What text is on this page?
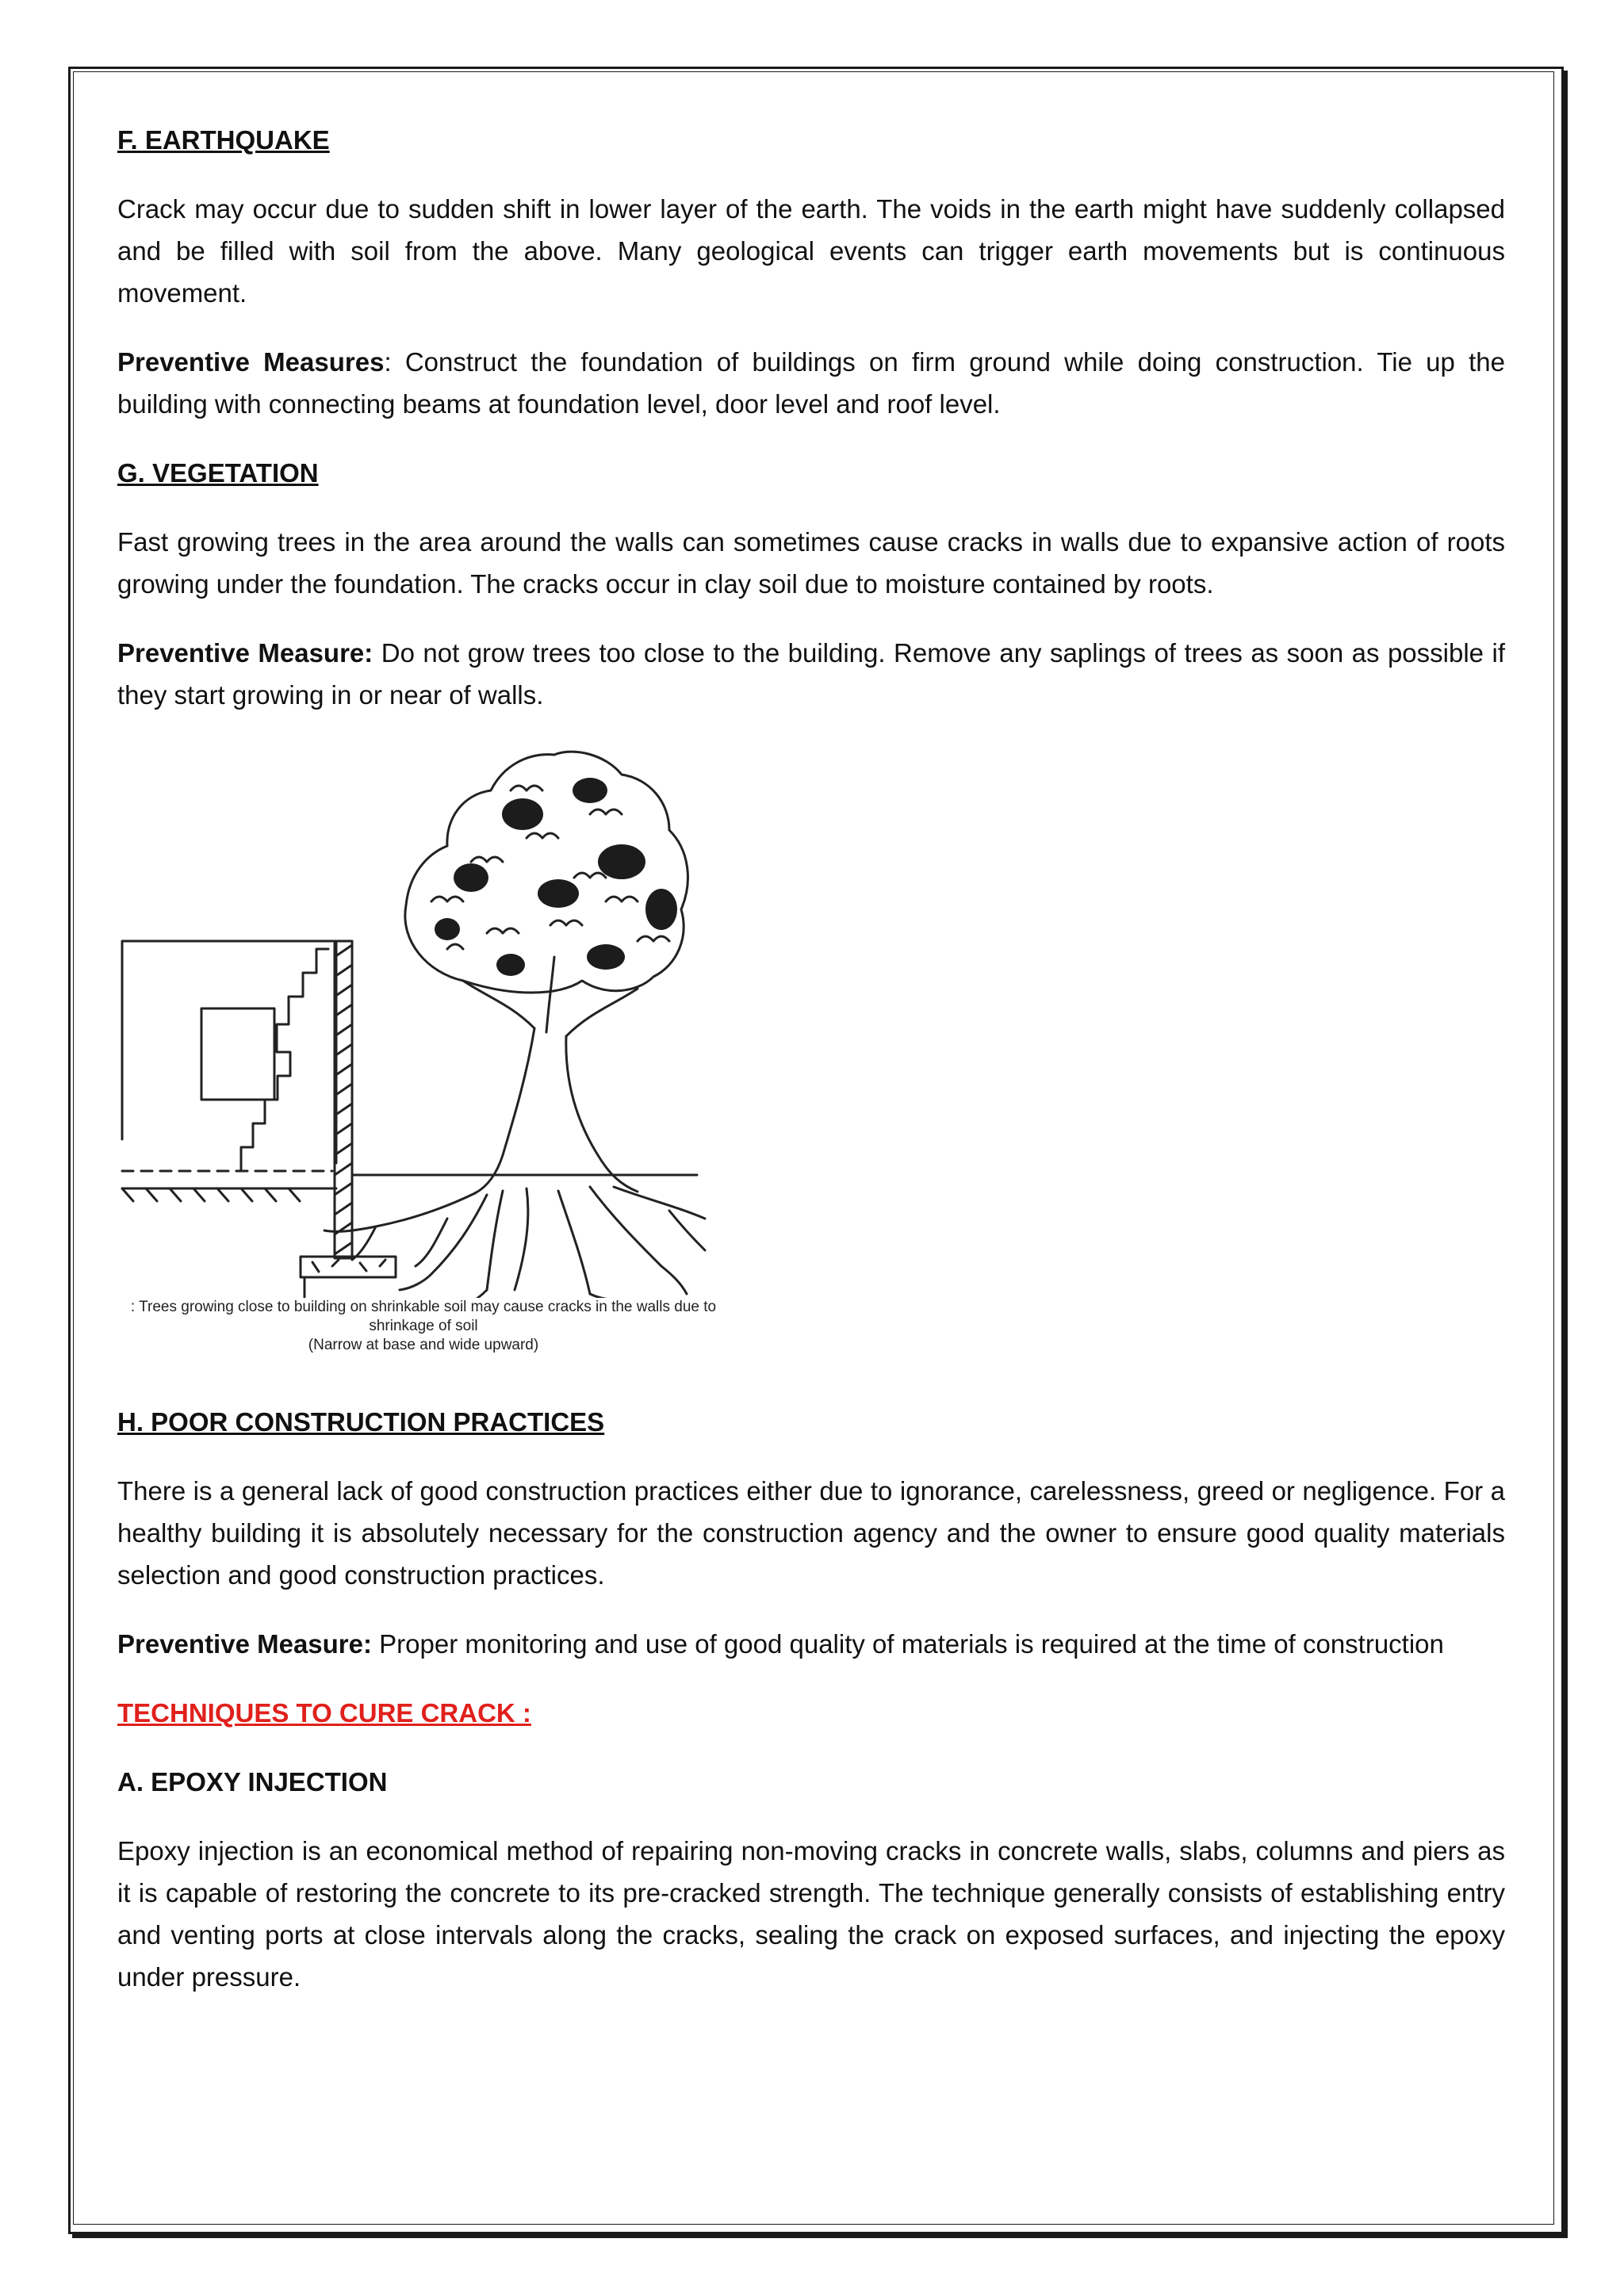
F. EARTHQUAKE

Crack may occur due to sudden shift in lower layer of the earth. The voids in the earth might have suddenly collapsed and be filled with soil from the above. Many geological events can trigger earth movements but is continuous movement.

Preventive Measures: Construct the foundation of buildings on firm ground while doing construction. Tie up the building with connecting beams at foundation level, door level and roof level.

G. VEGETATION

Fast growing trees in the area around the walls can sometimes cause cracks in walls due to expansive action of roots growing under the foundation. The cracks occur in clay soil due to moisture contained by roots.

Preventive Measure: Do not grow trees too close to the building. Remove any saplings of trees as soon as possible if they start growing in or near of walls.

: Trees growing close to building on shrinkable soil may cause cracks in the walls due to
shrinkage of soil
(Narrow at base and wide upward)
H. POOR CONSTRUCTION PRACTICES

There is a general lack of good construction practices either due to ignorance, carelessness, greed or negligence. For a healthy building it is absolutely necessary for the construction agency and the owner to ensure good quality materials selection and good construction practices.

Preventive Measure: Proper monitoring and use of good quality of materials is required at the time of construction

TECHNIQUES TO CURE CRACK :
A. EPOXY INJECTION

Epoxy injection is an economical method of repairing non-moving cracks in concrete walls, slabs, columns and piers as it is capable of restoring the concrete to its pre-cracked strength. The technique generally consists of establishing entry and venting ports at close intervals along the cracks, sealing the crack on exposed surfaces, and injecting the epoxy under pressure.
